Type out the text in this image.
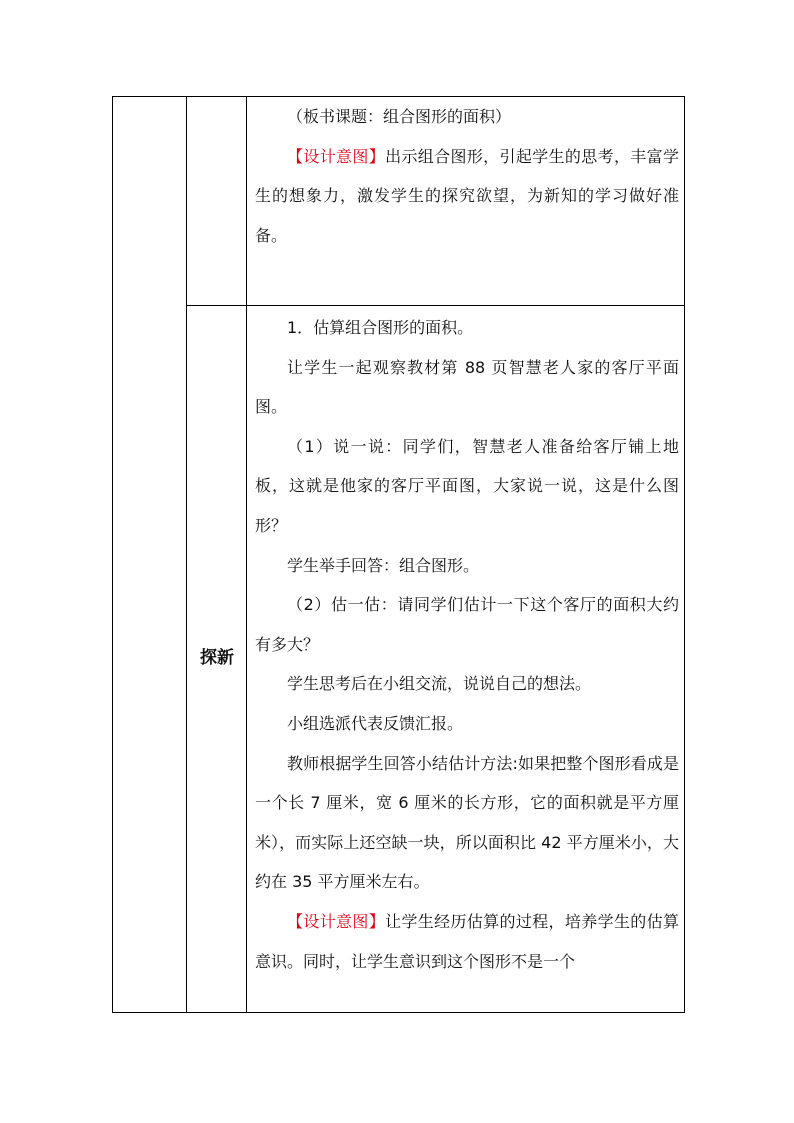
（板书课题：组合图形的面积）

【设计意图】出示组合图形，引起学生的思考，丰富学生的想象力，激发学生的探究欲望，为新知的学习做好准备。

探新

1．估算组合图形的面积。

让学生一起观察教材第 88 页智慧老人家的客厅平面图。

（1）说一说：同学们，智慧老人准备给客厅铺上地板，这就是他家的客厅平面图，大家说一说，这是什么图形？

学生举手回答：组合图形。

（2）估一估：请同学们估计一下这个客厅的面积大约有多大？

学生思考后在小组交流，说说自己的想法。

小组选派代表反馈汇报。

教师根据学生回答小结估计方法:如果把整个图形看成是一个长 7 厘米，宽 6 厘米的长方形，它的面积就是平方厘米），而实际上还空缺一块，所以面积比 42 平方厘米小，大约在 35 平方厘米左右。

【设计意图】让学生经历估算的过程，培养学生的估算意识。同时，让学生意识到这个图形不是一个
